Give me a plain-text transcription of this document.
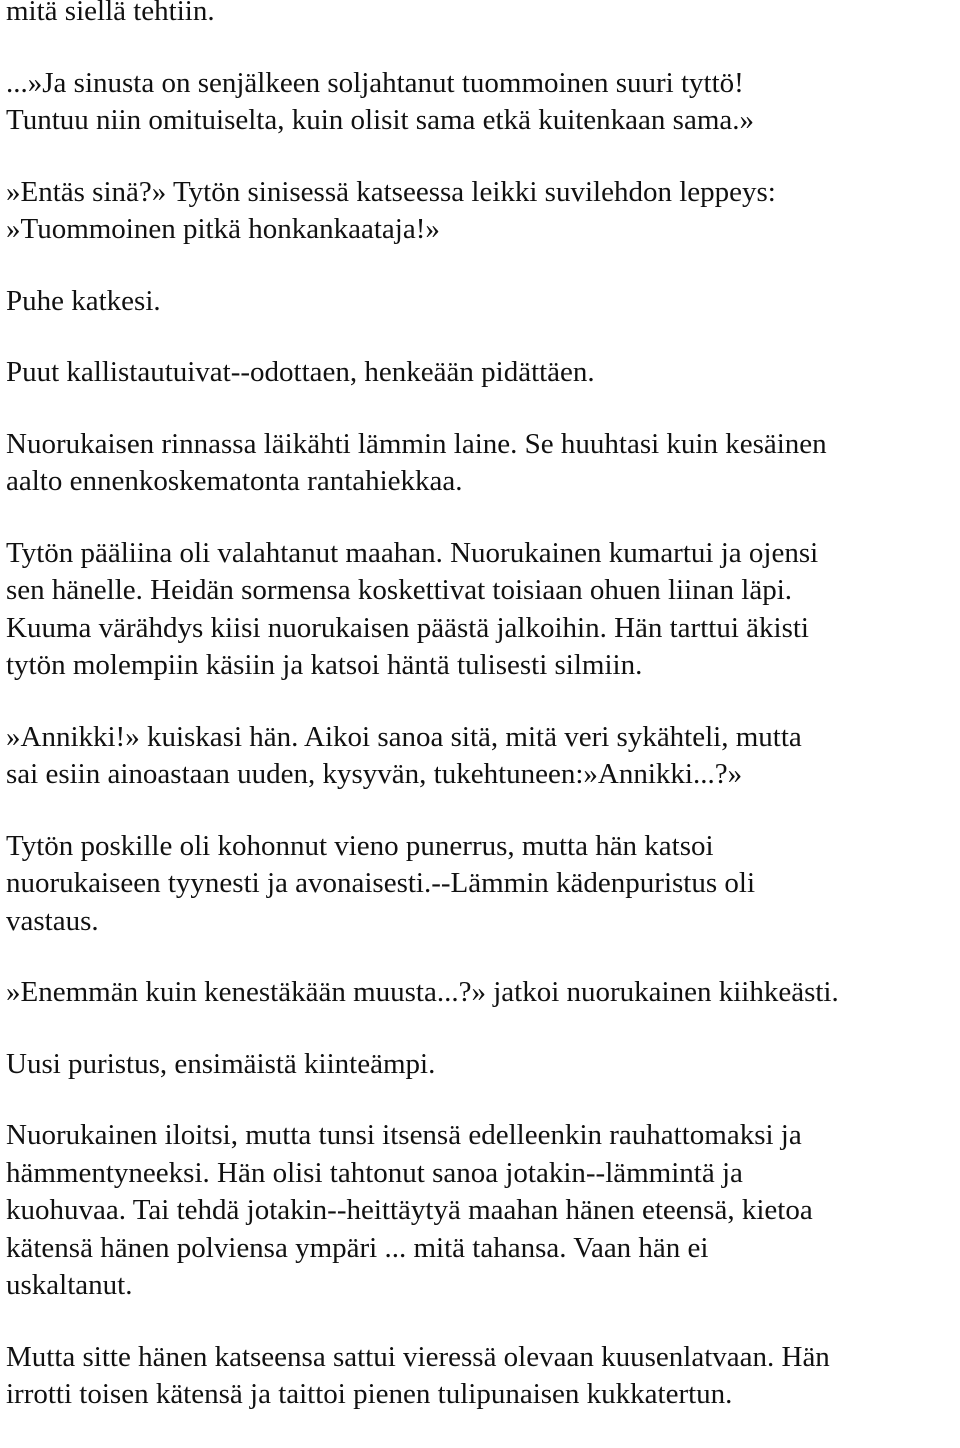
mitä siellä tehtiin.

...»Ja sinusta on senjälkeen soljahtanut tuommoinen suuri tyttö!
Tuntuu niin omituiselta, kuin olisit sama etkä kuitenkaan sama.»

»Entäs sinä?» Tytön sinisessä katseessa leikki suvilehdon leppeys:
»Tuommoinen pitkä honkankaataja!»

Puhe katkesi.

Puut kallistautuivat--odottaen, henkeään pidättäen.

Nuorukaisen rinnassa läikähti lämmin laine. Se huuhtasi kuin kesäinen
aalto ennenkoskematonta rantahiekkaa.

Tytön pääliina oli valahtanut maahan. Nuorukainen kumartui ja ojensi
sen hänelle. Heidän sormensa koskettivat toisiaan ohuen liinan läpi.
Kuuma värähdys kiisi nuorukaisen päästä jalkoihin. Hän tarttui äkisti
tytön molempiin käsiin ja katsoi häntä tulisesti silmiin.

»Annikki!» kuiskasi hän. Aikoi sanoa sitä, mitä veri sykähteli, mutta
sai esiin ainoastaan uuden, kysyvän, tukehtuneen:»Annikki...?»

Tytön poskille oli kohonnut vieno punerrus, mutta hän katsoi
nuorukaiseen tyynesti ja avonaisesti.--Lämmin kädenpuristus oli
vastaus.

»Enemmän kuin kenestäkään muusta...?» jatkoi nuorukainen kiihkeästi.

Uusi puristus, ensimäistä kiinteämpi.

Nuorukainen iloitsi, mutta tunsi itsensä edelleenkin rauhattomaksi ja
hämmentyneeksi. Hän olisi tahtonut sanoa jotakin--lämmintä ja
kuohuvaa. Tai tehdä jotakin--heittäytyä maahan hänen eteensä, kietoa
kätensä hänen polviensa ympäri ... mitä tahansa. Vaan hän ei
uskaltanut.

Mutta sitte hänen katseensa sattui vieressä olevaan kuusenlatvaan. Hän
irrotti toisen kätensä ja taittoi pienen tulipunaisen kukkatertun.
